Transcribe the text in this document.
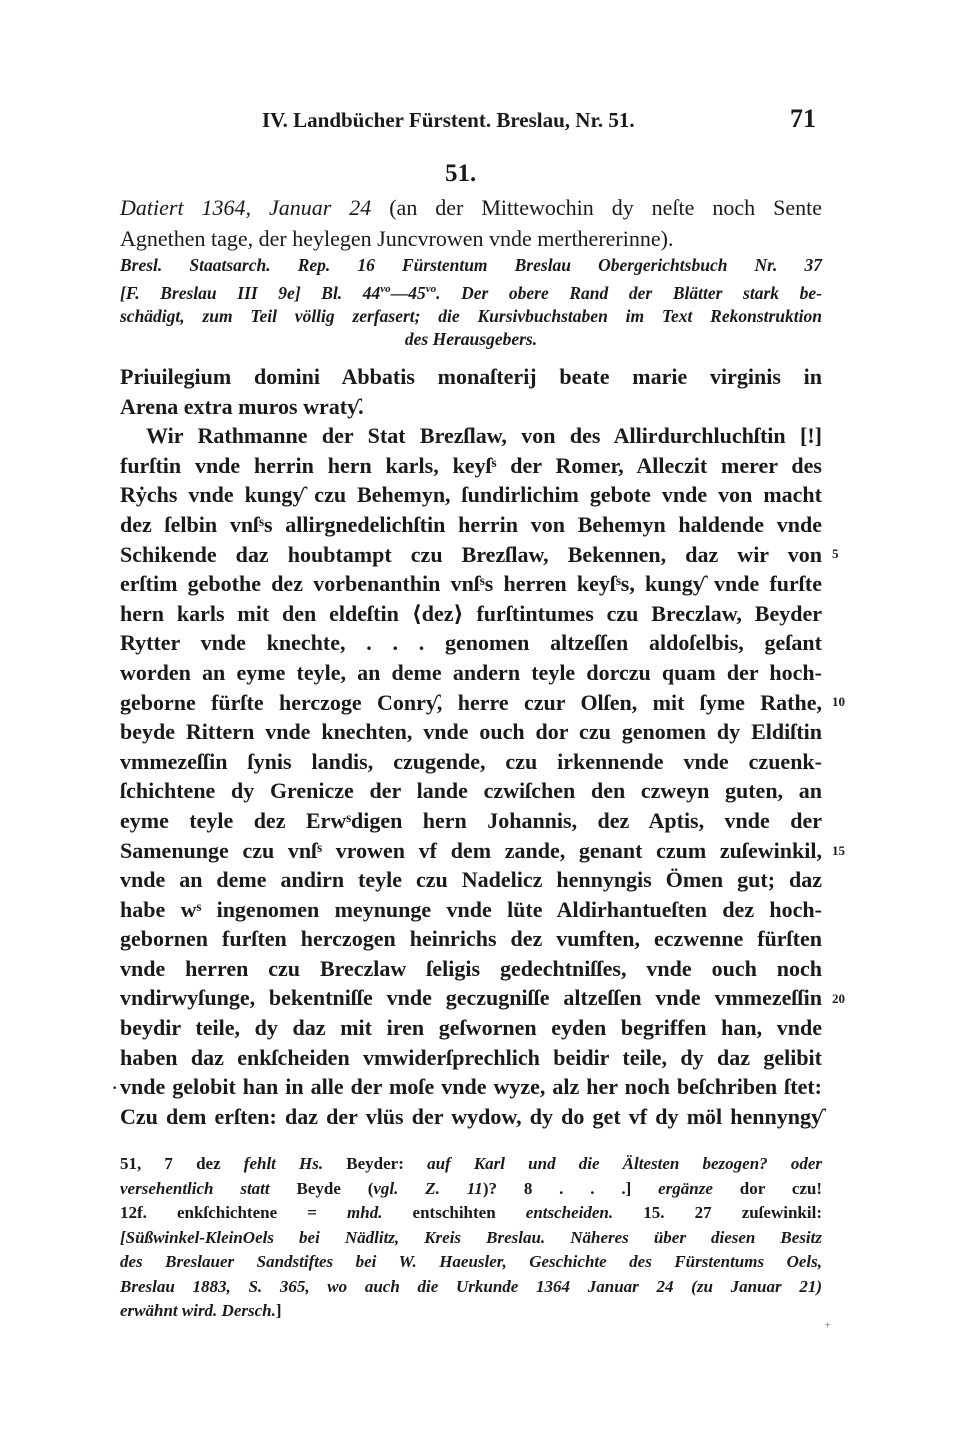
IV. Landbücher Fürstent. Breslau, Nr. 51.	71
51.
Datiert 1364, Januar 24 (an der Mittewochin dy neſte noch Sente
Agnethen tage, der heylegen Juncvrowen vnde merthererinne).
Bresl. Staatsarch. Rep. 16 Fürstentum Breslau Obergerichtsbuch Nr. 37
[F. Breslau III 9e] Bl. $44^{vo}—45^{vo}$. Der obere Rand der Blätter stark be-
schädigt, zum Teil völlig zerfasert; die Kursivbuchstaben im Text Rekonstruktion
des Herausgebers.
Priuilegium domini Abbatis monaſterij beate marie virginis in
Arena extra muros wratƴ.
Wir Rathmanne der Stat Brezſlaw, von des Allirdurchluchſtin [!]
furſtin vnde herrin hern karls, keyſˢ der Romer, Alleczit merer des
Rẏchs vnde kungƴ czu Behemyn, ſundirlichim gebote vnde von macht
dez ſelbin vnſˢs allirgnedelichſtin herrin von Behemyn haldende vnde
Schikende daz houbtampt czu Brezſlaw, Bekennen, daz wir von
erſtim gebothe dez vorbenanthin vnſˢs herren keyſˢs, kungƴ vnde furſte
hern karls mit den eldeſtin ⟨dez⟩ furſtintumes czu Breczlaw, Beyder
Rytter vnde knechte, . . . genomen altzeſſen aldoſelbis, geſant
worden an eyme teyle, an deme andern teyle dorczu quam der hoch-
geborne fürſte herczoge Conrƴ, herre czur Olſen, mit ſyme Rathe,
beyde Rittern vnde knechten, vnde ouch dor czu genomen dy Eldiſtin
vmmezeſſin ſynis landis, czugende, czu irkennende vnde czuenk-
ſchichtene dy Grenicze der lande czwiſchen den czweyn guten, an
eyme teyle dez Erwˢdigen hern Johannis, dez Aptis, vnde der
Samenunge czu vnſˢ vrowen vf dem zande, genant czum zuſewinkil,
vnde an deme andirn teyle czu Nadelicz hennyngis Ömen gut; daz
habe wˢ ingenomen meynunge vnde lüte Aldirhantueſten dez hoch-
gebornen furſten herczogen heinrichs dez vumften, eczwenne fürſten
vnde herren czu Breczlaw ſeligis gedechtniſſes, vnde ouch noch
vndirwyſunge, bekentniſſe vnde geczugniſſe altzeſſen vnde vmmezeſſin
beydir teile, dy daz mit iren geſwornen eyden begriffen han, vnde
haben daz enkſcheiden vmwiderſprechlich beidir teile, dy daz gelibit
vnde gelobit han in alle der moſe vnde wyze, alz her noch beſchriben ſtet:
Czu dem erſten: daz der vlüs der wydow, dy do get vf dy möl hennyngƴ
5
10
15
20
·
51, 7 dez fehlt Hs. Beyder: auf Karl und die Ältesten bezogen? oder
versehentlich statt Beyde (vgl. Z. 11)? 8 . . .] ergänze dor czu!
12f. enkſchichtene = mhd. entschihten entscheiden. 15. 27 zuſewinkil:
[Süßwinkel-KleinOels bei Nädlitz, Kreis Breslau. Näheres über diesen Besitz
des Breslauer Sandstiftes bei W. Haeusler, Geschichte des Fürstentums Oels,
Breslau 1883, S. 365, wo auch die Urkunde 1364 Januar 24 (zu Januar 21)
erwähnt wird. Dersch.]
⁺
